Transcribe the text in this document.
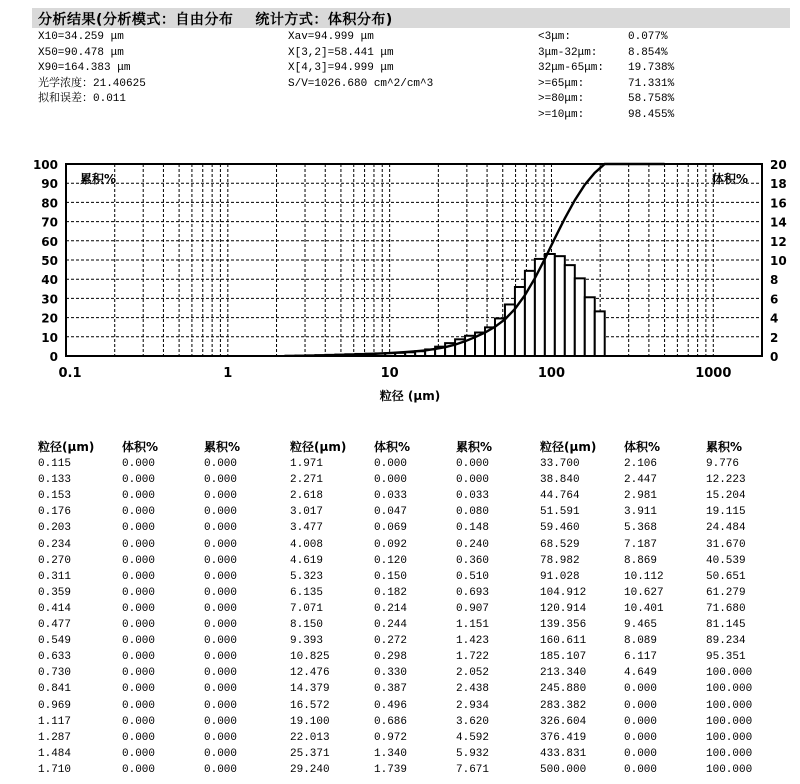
分析结果(分析模式：自由分布 统计方式：体积分布)
X10=34.259 μm
X50=90.478 μm
X90=164.383 μm
光学浓度：21.40625
拟和误差：0.011
Xav=94.999 μm
X[3,2]=58.441 μm
X[4,3]=94.999 μm
S/V=1026.680 cm^2/cm^3
<3μm:	0.077%
3μm-32μm:	8.854%
32μm-65μm: 19.738%
>=65μm:	71.331%
>=80μm:	58.758%
>=10μm:	98.455%
0
10
20
30
40
50
60
70
80
90
100
0
2
4
6
8
10
12
14
16
18
20
0.1	1	10	100	1000
累积%	体积%
粒径 (μm)
粒径(μm) 体积%	累积%
0.115	0.000	0.000
0.133	0.000	0.000
0.153	0.000	0.000
0.176	0.000	0.000
0.203	0.000	0.000
0.234	0.000	0.000
0.270	0.000	0.000
0.311	0.000	0.000
0.359	0.000	0.000
0.414	0.000	0.000
0.477	0.000	0.000
0.549	0.000	0.000
0.633	0.000	0.000
0.730	0.000	0.000
0.841	0.000	0.000
0.969	0.000	0.000
1.117	0.000	0.000
1.287	0.000	0.000
1.484	0.000	0.000
1.710	0.000	0.000
粒径(μm) 体积%	累积%
1.971	0.000	0.000
2.271	0.000	0.000
2.618	0.033	0.033
3.017	0.047	0.080
3.477	0.069	0.148
4.008	0.092	0.240
4.619	0.120	0.360
5.323	0.150	0.510
6.135	0.182	0.693
7.071	0.214	0.907
8.150	0.244	1.151
9.393	0.272	1.423
10.825	0.298	1.722
12.476	0.330	2.052
14.379	0.387	2.438
16.572	0.496	2.934
19.100	0.686	3.620
22.013	0.972	4.592
25.371	1.340	5.932
29.240	1.739	7.671
粒径(μm) 体积%	累积%
33.700	2.106	9.776
38.840	2.447	12.223
44.764	2.981	15.204
51.591	3.911	19.115
59.460	5.368	24.484
68.529	7.187	31.670
78.982	8.869	40.539
91.028	10.112	50.651
104.912	10.627	61.279
120.914	10.401	71.680
139.356	9.465	81.145
160.611	8.089	89.234
185.107	6.117	95.351
213.340	4.649	100.000
245.880	0.000	100.000
283.382	0.000	100.000
326.604	0.000	100.000
376.419	0.000	100.000
433.831	0.000	100.000
500.000	0.000	100.000
